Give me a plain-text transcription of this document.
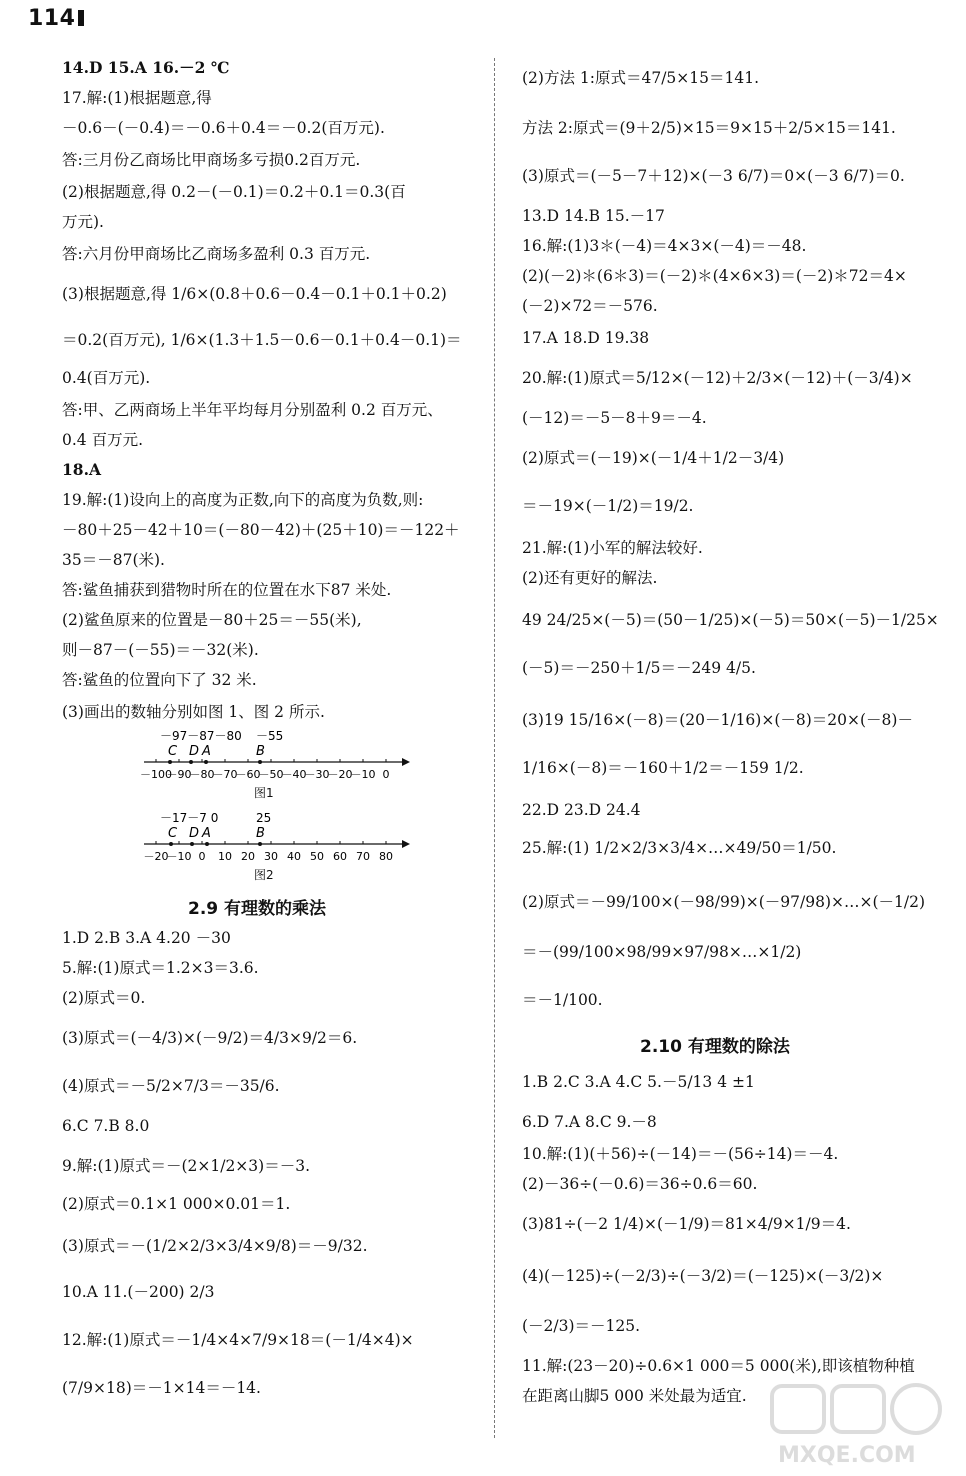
114
14.D 15.A 16.－2 ℃
17.解:(1)根据题意,得
－0.6－(－0.4)＝－0.6＋0.4＝－0.2(百万元).
答:三月份乙商场比甲商场多亏损0.2百万元.
(2)根据题意,得 0.2－(－0.1)＝0.2＋0.1＝0.3(百
万元).
答:六月份甲商场比乙商场多盈利 0.3 百万元.
(3)根据题意,得 1/6×(0.8＋0.6－0.4－0.1＋0.1＋0.2)
＝0.2(百万元), 1/6×(1.3＋1.5－0.6－0.1＋0.4－0.1)＝
0.4(百万元).
答:甲、乙两商场上半年平均每月分别盈利 0.2 百万元、
0.4 百万元.
18.A
19.解:(1)设向上的高度为正数,向下的高度为负数,则:
－80＋25－42＋10＝(－80－42)＋(25＋10)＝－122＋
35＝－87(米).
答:鲨鱼捕获到猎物时所在的位置在水下87 米处.
(2)鲨鱼原来的位置是－80＋25＝－55(米),
则－87－(－55)＝－32(米).
答:鲨鱼的位置向下了 32 米.
(3)画出的数轴分别如图 1、图 2 所示.
1.D 2.B 3.A 4.20 －30
5.解:(1)原式＝1.2×3＝3.6.
(2)原式＝0.
(3)原式＝(－4/3)×(－9/2)＝4/3×9/2＝6.
(4)原式＝－5/2×7/3＝－35/6.
6.C 7.B 8.0
9.解:(1)原式＝－(2×1/2×3)＝－3.
(2)原式＝0.1×1 000×0.01＝1.
(3)原式＝－(1/2×2/3×3/4×9/8)＝－9/32.
10.A 11.(－200) 2/3
12.解:(1)原式＝－1/4×4×7/9×18＝(－1/4×4)×
(7/9×18)＝－1×14＝－14.
(2)方法 1:原式＝47/5×15＝141.
方法 2:原式＝(9＋2/5)×15＝9×15＋2/5×15＝141.
(3)原式＝(－5－7＋12)×(－3 6/7)＝0×(－3 6/7)＝0.
13.D 14.B 15.－17
16.解:(1)3＊(－4)＝4×3×(－4)＝－48.
(2)(－2)＊(6＊3)＝(－2)＊(4×6×3)＝(－2)＊72＝4×
(－2)×72＝－576.
17.A 18.D 19.38
20.解:(1)原式＝5/12×(－12)＋2/3×(－12)＋(－3/4)×
(－12)＝－5－8＋9＝－4.
(2)原式＝(－19)×(－1/4＋1/2－3/4)
＝－19×(－1/2)＝19/2.
21.解:(1)小军的解法较好.
(2)还有更好的解法.
49 24/25×(－5)＝(50－1/25)×(－5)＝50×(－5)－1/25×
(－5)＝－250＋1/5＝－249 4/5.
(3)19 15/16×(－8)＝(20－1/16)×(－8)＝20×(－8)－
1/16×(－8)＝－160＋1/2＝－159 1/2.
22.D 23.D 24.4
25.解:(1) 1/2×2/3×3/4×…×49/50＝1/50.
(2)原式＝－99/100×(－98/99)×(－97/98)×…×(－1/2)
＝－(99/100×98/99×97/98×…×1/2)
＝－1/100.
1.B 2.C 3.A 4.C 5.－5/13 4 ±1
6.D 7.A 8.C 9.－8
10.解:(1)(＋56)÷(－14)＝－(56÷14)＝－4.
(2)－36÷(－0.6)＝36÷0.6＝60.
(3)81÷(－2 1/4)×(－1/9)＝81×4/9×1/9＝4.
(4)(－125)÷(－2/3)÷(－3/2)＝(－125)×(－3/2)×
(－2/3)＝－125.
11.解:(23－20)÷0.6×1 000＝5 000(米),即该植物种植
在距离山脚5 000 米处最为适宜.
2.9 有理数的乘法
2.10 有理数的除法
－97－87－80 －55
C D A	B
－100
－90
－80
－70
－60
－50
－40
－30
－20
－10 0
图1
－17－7 0	25
C D A	B
－20
－10 0 10 20 30 40 50 60 70 80
图2
MXQE.COM
